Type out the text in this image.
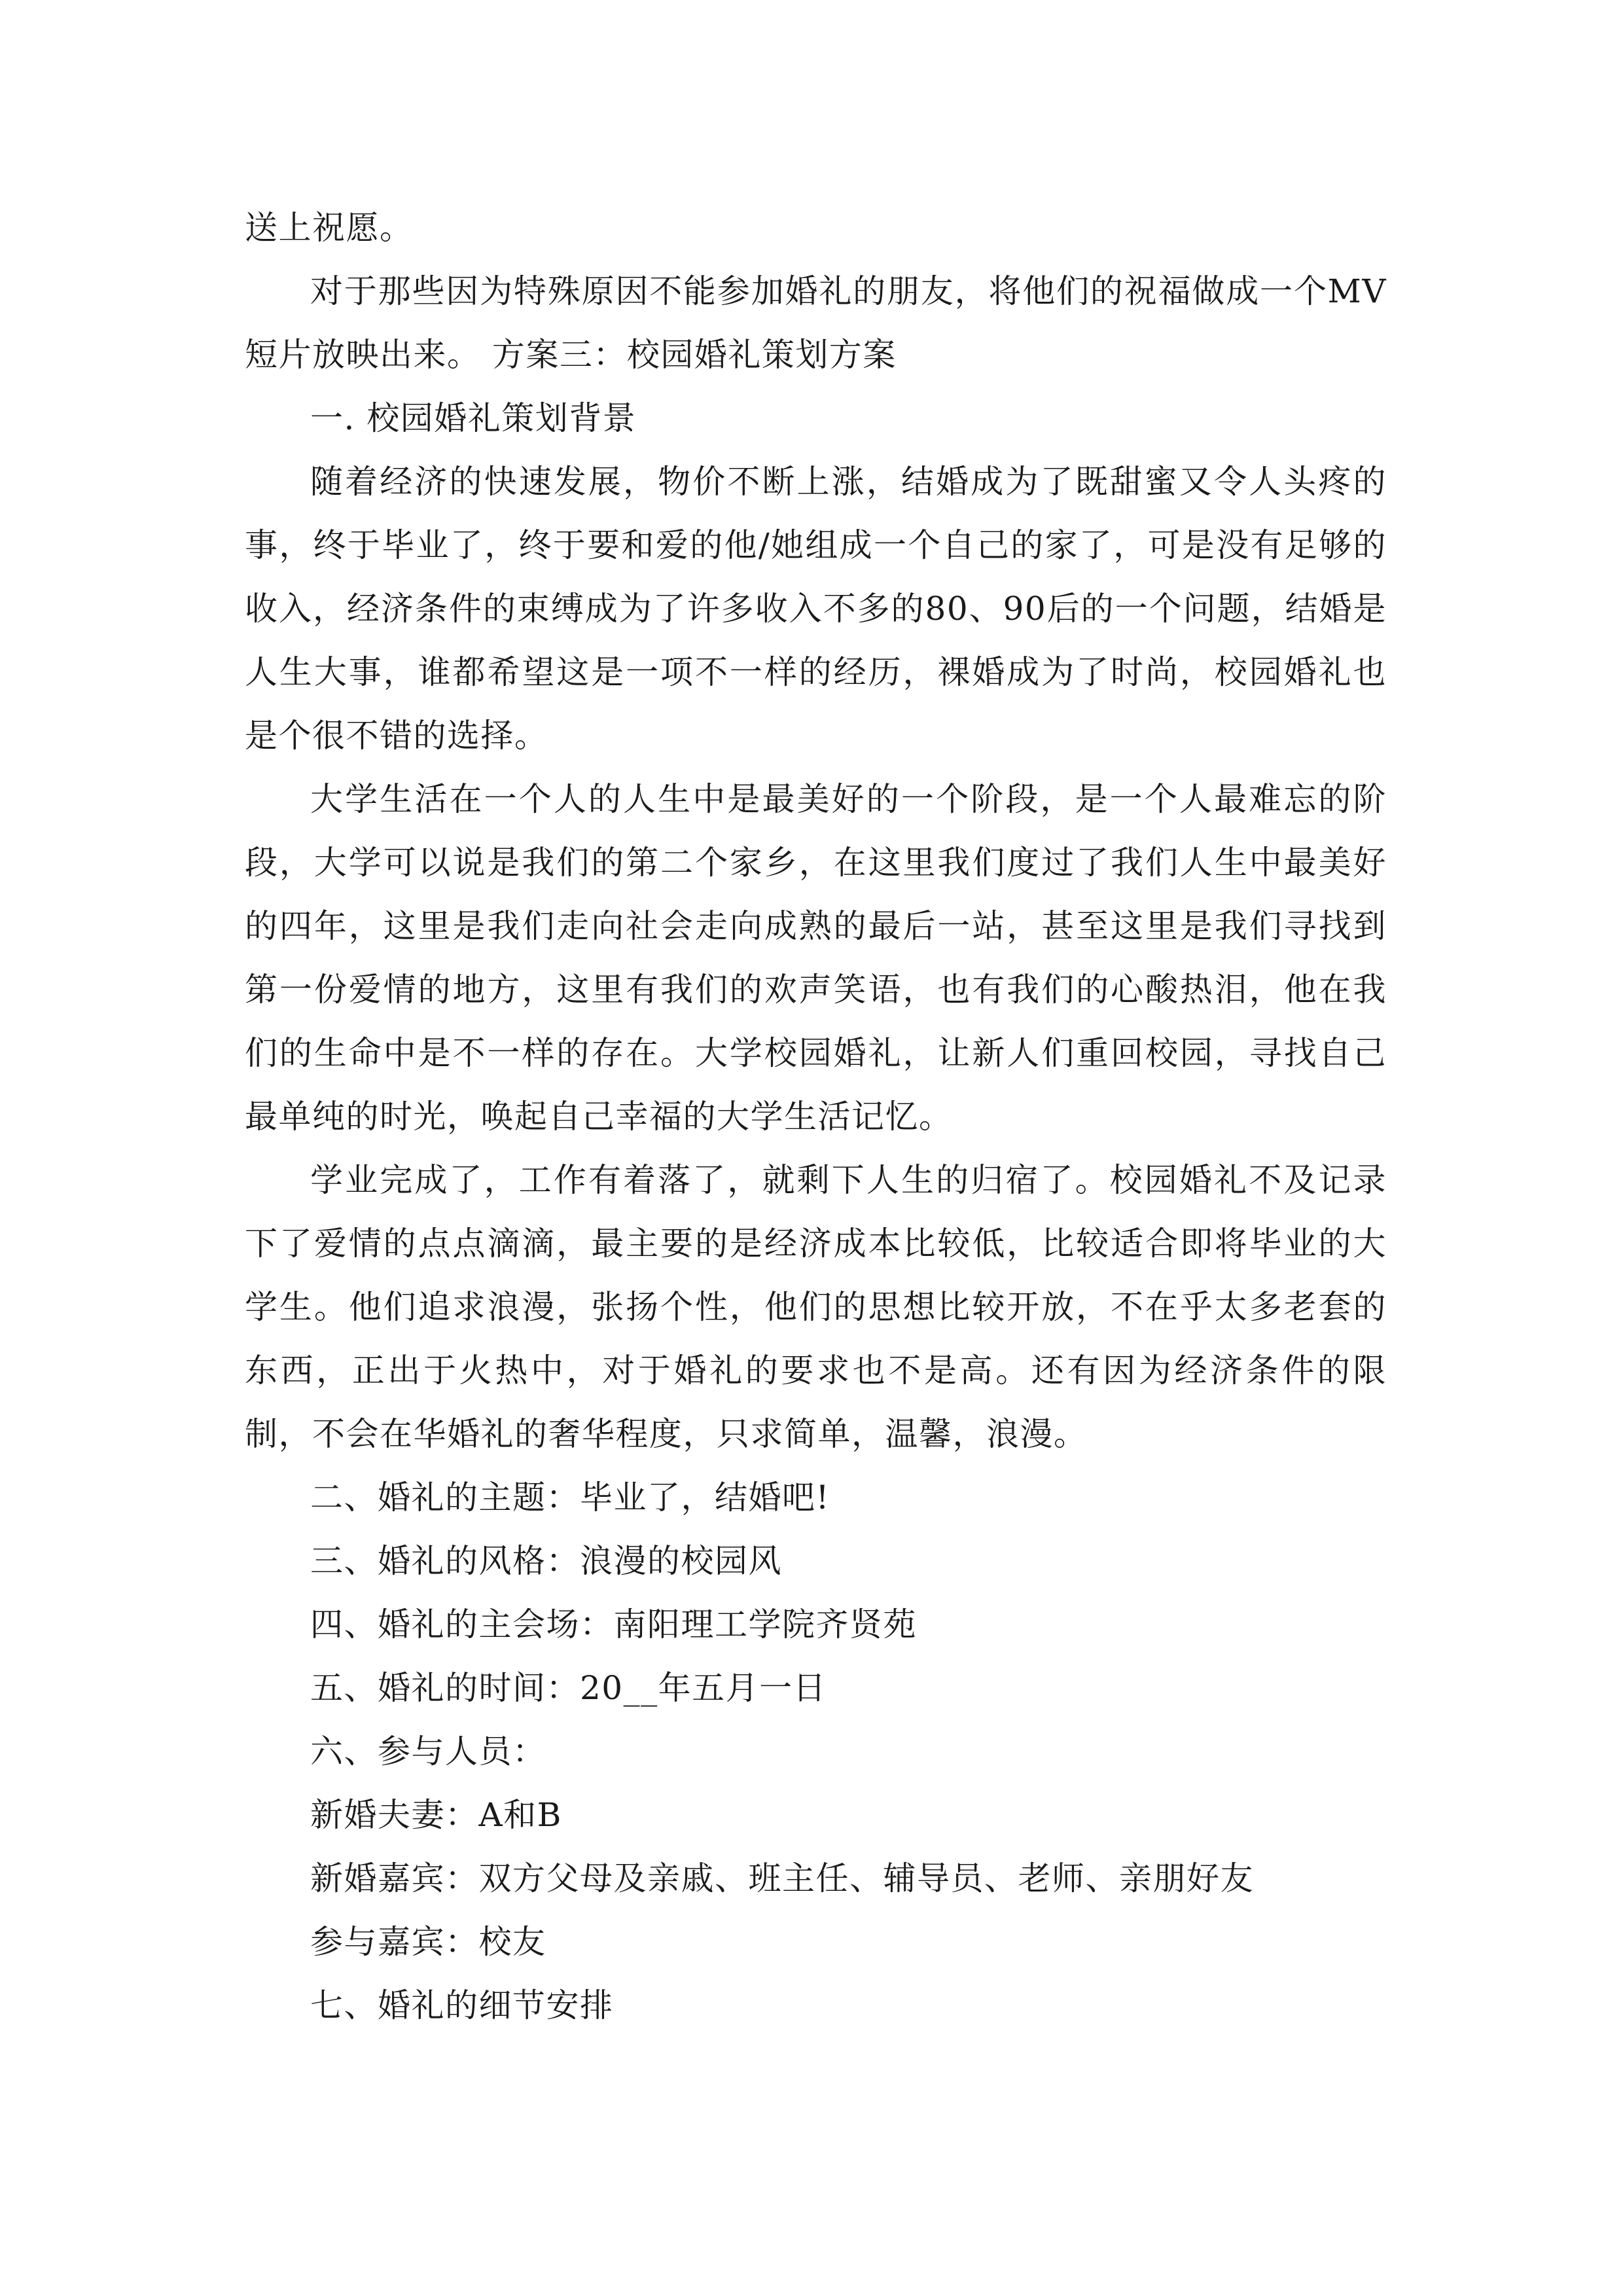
送上祝愿。

对于那些因为特殊原因不能参加婚礼的朋友，将他们的祝福做成一个MV短片放映出来。 方案三：校园婚礼策划方案

一. 校园婚礼策划背景

随着经济的快速发展，物价不断上涨，结婚成为了既甜蜜又令人头疼的事，终于毕业了，终于要和爱的他/她组成一个自己的家了，可是没有足够的收入，经济条件的束缚成为了许多收入不多的80、90后的一个问题，结婚是人生大事，谁都希望这是一项不一样的经历，裸婚成为了时尚，校园婚礼也是个很不错的选择。

大学生活在一个人的人生中是最美好的一个阶段，是一个人最难忘的阶段，大学可以说是我们的第二个家乡，在这里我们度过了我们人生中最美好的四年，这里是我们走向社会走向成熟的最后一站，甚至这里是我们寻找到第一份爱情的地方，这里有我们的欢声笑语，也有我们的心酸热泪，他在我们的生命中是不一样的存在。大学校园婚礼，让新人们重回校园，寻找自己最单纯的时光，唤起自己幸福的大学生活记忆。

学业完成了，工作有着落了，就剩下人生的归宿了。校园婚礼不及记录下了爱情的点点滴滴，最主要的是经济成本比较低，比较适合即将毕业的大学生。他们追求浪漫，张扬个性，他们的思想比较开放，不在乎太多老套的东西，正出于火热中，对于婚礼的要求也不是高。还有因为经济条件的限制，不会在华婚礼的奢华程度，只求简单，温馨，浪漫。

二、婚礼的主题：毕业了，结婚吧!

三、婚礼的风格：浪漫的校园风

四、婚礼的主会场：南阳理工学院齐贤苑

五、婚礼的时间：20__年五月一日

六、参与人员：

新婚夫妻：A和B

新婚嘉宾：双方父母及亲戚、班主任、辅导员、老师、亲朋好友

参与嘉宾：校友

七、婚礼的细节安排
